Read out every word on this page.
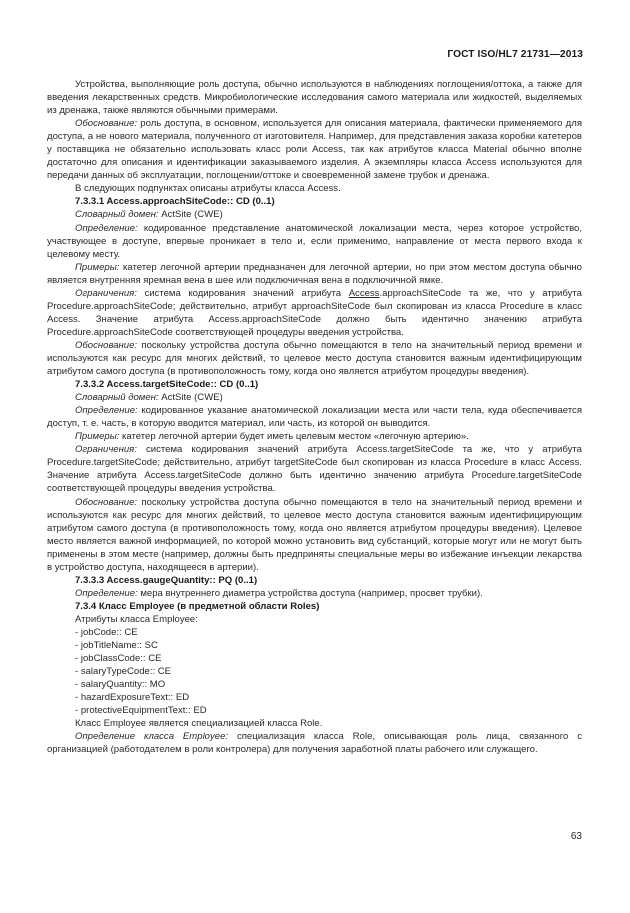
ГОСТ ISO/HL7 21731—2013

Устройства, выполняющие роль доступа, обычно используются в наблюдениях поглощения/оттока, а также для введения лекарственных средств. Микробиологические исследования самого материала или жидкостей, выделяемых из дренажа, также являются обычными примерами.

Обоснование: роль доступа, в основном, используется для описания материала, фактически применяемого для доступа, а не нового материала, полученного от изготовителя. Например, для представления заказа коробки катетеров у поставщика не обязательно использовать класс роли Access, так как атрибутов класса Material обычно вполне достаточно для описания и идентификации заказываемого изделия. А экземпляры класса Access используются для передачи данных об эксплуатации, поглощении/оттоке и своевременной замене трубок и дренажа.

В следующих подпунктах описаны атрибуты класса Access.

7.3.3.1 Access.approachSiteCode:: CD (0..1)

Словарный домен: ActSite (CWE)

Определение: кодированное представление анатомической локализации места, через которое устройство, участвующее в доступе, впервые проникает в тело и, если применимо, направление от места первого входа к целевому месту.

Примеры: катетер легочной артерии предназначен для легочной артерии, но при этом местом доступа обычно является внутренняя яремная вена в шее или подключичная вена в подключичной ямке.

Ограничения: система кодирования значений атрибута Access.approachSiteCode та же, что у атрибута Procedure.approachSiteCode; действительно, атрибут approachSiteCode был скопирован из класса Procedure в класс Access. Значение атрибута Access.approachSiteCode должно быть идентично значению атрибута Procedure.approachSiteCode соответствующей процедуры введения устройства.

Обоснование: поскольку устройства доступа обычно помещаются в тело на значительный период времени и используются как ресурс для многих действий, то целевое место доступа становится важным идентифицирующим атрибутом самого доступа (в противоположность тому, когда оно является атрибутом процедуры введения).

7.3.3.2 Access.targetSiteCode:: CD (0..1)

Словарный домен: ActSite (CWE)

Определение: кодированное указание анатомической локализации места или части тела, куда обеспечивается доступ, т. е. часть, в которую вводится материал, или часть, из которой он выводится.

Примеры: катетер легочной артерии будет иметь целевым местом «легочную артерию».

Ограничения: система кодирования значений атрибута Access.targetSiteCode та же, что у атрибута Procedure.targetSiteCode; действительно, атрибут targetSiteCode был скопирован из класса Procedure в класс Access. Значение атрибута Access.targetSiteCode должно быть идентично значению атрибута Procedure.targetSiteCode соответствующей процедуры введения устройства.

Обоснование: поскольку устройства доступа обычно помещаются в тело на значительный период времени и используются как ресурс для многих действий, то целевое место доступа становится важным идентифицирующим атрибутом самого доступа (в противоположность тому, когда оно является атрибутом процедуры введения). Целевое место является важной информацией, по которой можно установить вид субстанций, которые могут или не могут быть применены в этом месте (например, должны быть предприняты специальные меры во избежание инъекции лекарства в устройство доступа, находящееся в артерии).

7.3.3.3 Access.gaugeQuantity:: PQ (0..1)

Определение: мера внутреннего диаметра устройства доступа (например, просвет трубки).

7.3.4 Класс Employee (в предметной области Roles)

Атрибуты класса Employee:

- jobCode:: CE

- jobTitleName:: SC

- jobClassCode:: CE

- salaryTypeCode:: CE

- salaryQuantity:: MO

- hazardExposureText:: ED

- protectiveEquipmentText:: ED

Класс Employee является специализацией класса Role.

Определение класса Employee: специализация класса Role, описывающая роль лица, связанного с организацией (работодателем в роли контролера) для получения заработной платы рабочего или служащего.

63
